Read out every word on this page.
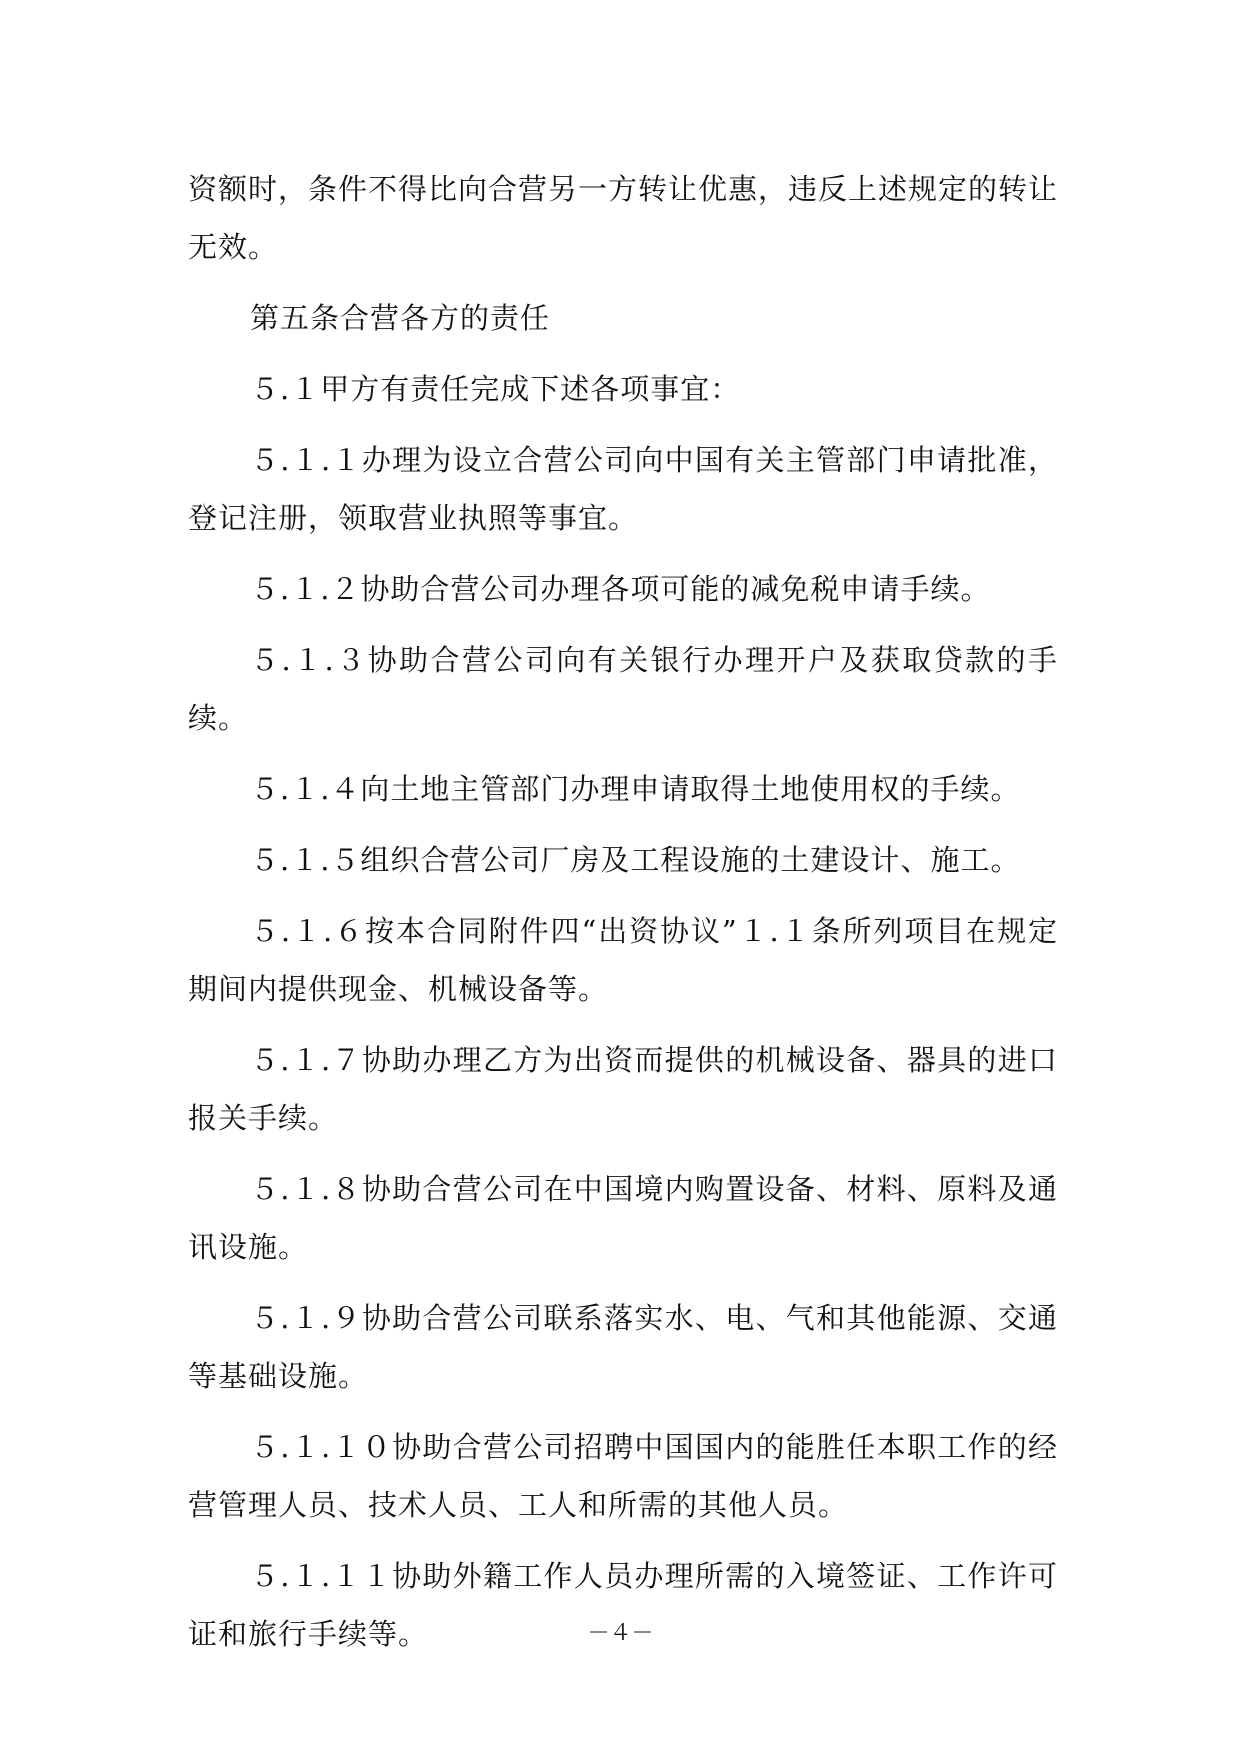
资额时，条件不得比向合营另一方转让优惠，违反上述规定的转让无效。

第五条合营各方的责任

５.１甲方有责任完成下述各项事宜：

５.１.１办理为设立合营公司向中国有关主管部门申请批准，登记注册，领取营业执照等事宜。

５.１.２协助合营公司办理各项可能的减免税申请手续。

５.１.３协助合营公司向有关银行办理开户及获取贷款的手续。

５.１.４向土地主管部门办理申请取得土地使用权的手续。

５.１.５组织合营公司厂房及工程设施的土建设计、施工。

５.１.６按本合同附件四“出资协议”１.１条所列项目在规定期间内提供现金、机械设备等。

５.１.７协助办理乙方为出资而提供的机械设备、器具的进口报关手续。

５.１.８协助合营公司在中国境内购置设备、材料、原料及通讯设施。

５.１.９协助合营公司联系落实水、电、气和其他能源、交通等基础设施。

５.１.１０协助合营公司招聘中国国内的能胜任本职工作的经营管理人员、技术人员、工人和所需的其他人员。

５.１.１１协助外籍工作人员办理所需的入境签证、工作许可证和旅行手续等。	－４－
